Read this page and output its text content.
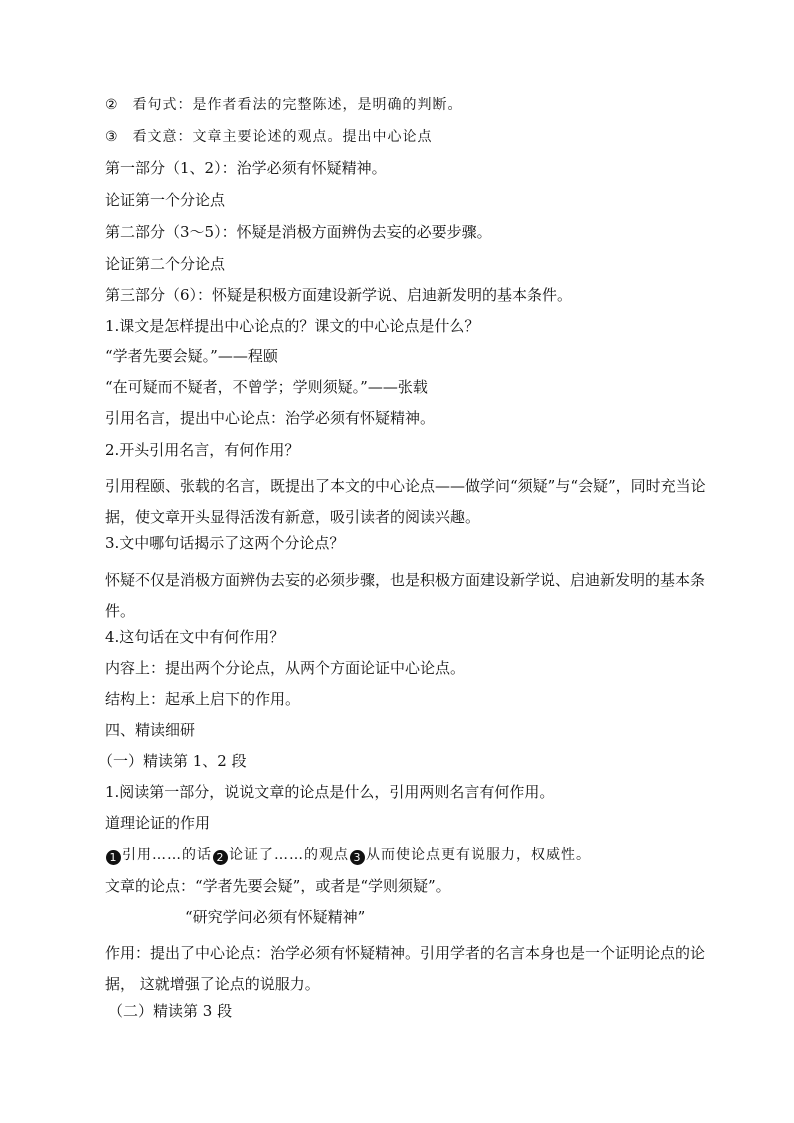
② 看句式：是作者看法的完整陈述，是明确的判断。
③ 看文意：文章主要论述的观点。提出中心论点
第一部分（1、2）：治学必须有怀疑精神。
论证第一个分论点
第二部分（3～5）：怀疑是消极方面辨伪去妄的必要步骤。
论证第二个分论点
第三部分（6）：怀疑是积极方面建设新学说、启迪新发明的基本条件。
1.课文是怎样提出中心论点的？课文的中心论点是什么？
“学者先要会疑。”——程颐
“在可疑而不疑者，不曾学；学则须疑。”——张载
引用名言，提出中心论点：治学必须有怀疑精神。
2.开头引用名言，有何作用？
引用程颐、张载的名言，既提出了本文的中心论点——做学问“须疑”与“会疑”，同时充当论据，使文章开头显得活泼有新意，吸引读者的阅读兴趣。
3.文中哪句话揭示了这两个分论点？
怀疑不仅是消极方面辨伪去妄的必须步骤，也是积极方面建设新学说、启迪新发明的基本条件。
4.这句话在文中有何作用？
内容上：提出两个分论点，从两个方面论证中心论点。
结构上：起承上启下的作用。
四、精读细研
（一）精读第 1、2 段
1.阅读第一部分，说说文章的论点是什么，引用两则名言有何作用。
道理论证的作用
1 引用……的话 2 论证了……的观点 3 从而使论点更有说服力，权威性。
文章的论点：“学者先要会疑”，或者是“学则须疑”。
“研究学问必须有怀疑精神”
作用：提出了中心论点：治学必须有怀疑精神。引用学者的名言本身也是一个证明论点的论据， 这就增强了论点的说服力。
（二）精读第 3 段
